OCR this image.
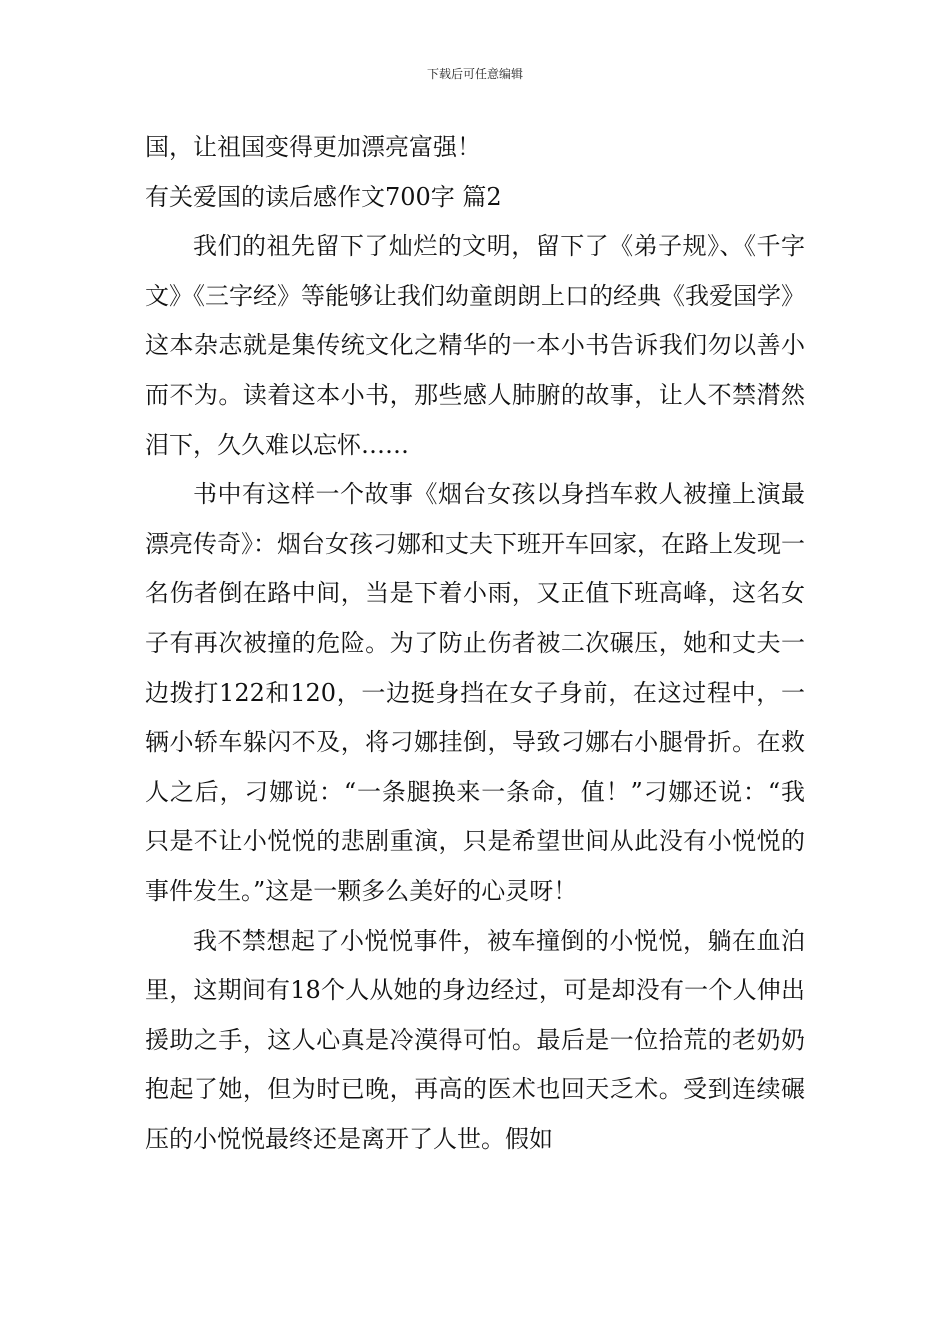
下载后可任意编辑

国，让祖国变得更加漂亮富强！

有关爱国的读后感作文700字 篇2

我们的祖先留下了灿烂的文明，留下了《弟子规》、《千字文》《三字经》等能够让我们幼童朗朗上口的经典《我爱国学》这本杂志就是集传统文化之精华的一本小书告诉我们勿以善小而不为。读着这本小书，那些感人肺腑的故事，让人不禁潸然泪下，久久难以忘怀……

书中有这样一个故事《烟台女孩以身挡车救人被撞上演最漂亮传奇》：烟台女孩刁娜和丈夫下班开车回家，在路上发现一名伤者倒在路中间，当是下着小雨，又正值下班高峰，这名女子有再次被撞的危险。为了防止伤者被二次碾压，她和丈夫一边拨打122和120，一边挺身挡在女子身前，在这过程中，一辆小轿车躲闪不及，将刁娜挂倒，导致刁娜右小腿骨折。在救人之后，刁娜说：“一条腿换来一条命，值！”刁娜还说：“我只是不让小悦悦的悲剧重演，只是希望世间从此没有小悦悦的事件发生。”这是一颗多么美好的心灵呀！

我不禁想起了小悦悦事件，被车撞倒的小悦悦，躺在血泊里，这期间有18个人从她的身边经过，可是却没有一个人伸出援助之手，这人心真是冷漠得可怕。最后是一位拾荒的老奶奶抱起了她，但为时已晚，再高的医术也回天乏术。受到连续碾压的小悦悦最终还是离开了人世。假如
